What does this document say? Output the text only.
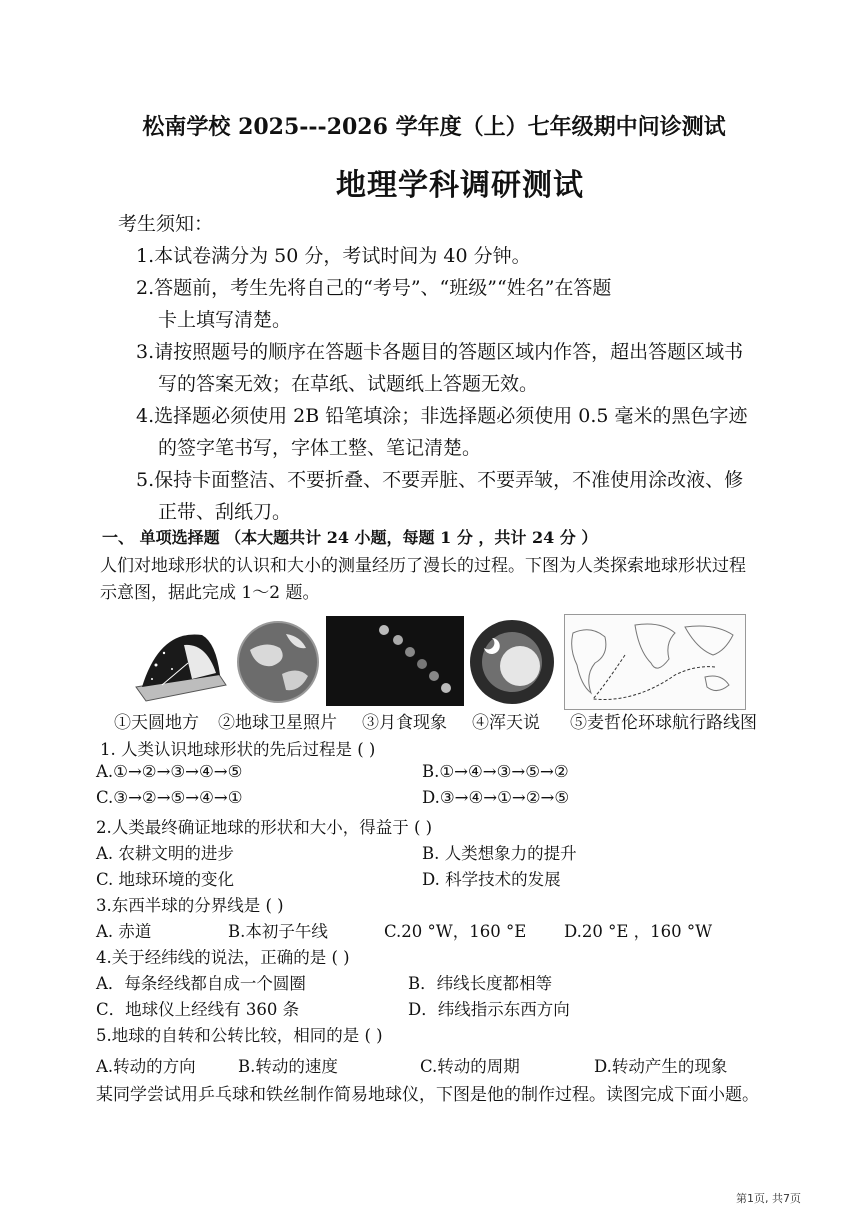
松南学校 2025---2026 学年度（上）七年级期中问诊测试
地理学科调研测试
考生须知：
1.本试卷满分为 50 分，考试时间为 40 分钟。
2.答题前，考生先将自己的“考号”、“班级”“姓名”在答题
卡上填写清楚。
3.请按照题号的顺序在答题卡各题目的答题区域内作答，超出答题区域书
写的答案无效；在草纸、试题纸上答题无效。
4.选择题必须使用 2B 铅笔填涂；非选择题必须使用 0.5 毫米的黑色字迹
的签字笔书写，字体工整、笔记清楚。
5.保持卡面整洁、不要折叠、不要弄脏、不要弄皱，不准使用涂改液、修
正带、刮纸刀。
一、 单项选择题 （本大题共计 24 小题，每题 1 分 ，共计 24 分 ）
人们对地球形状的认识和大小的测量经历了漫长的过程。下图为人类探索地球形状过程
示意图，据此完成 1～2 题。
①天圆地方 ②地球卫星照片 ③月食现象 ④浑天说 ⑤麦哲伦环球航行路线图
1. 人类认识地球形状的先后过程是 ( )
A.①→②→③→④→⑤	B.①→④→③→⑤→②
C.③→②→⑤→④→①	D.③→④→①→②→⑤
2.人类最终确证地球的形状和大小，得益于 ( )
A. 农耕文明的进步	B. 人类想象力的提升
C. 地球环境的变化	D. 科学技术的发展
3.东西半球的分界线是 ( )
A. 赤道	B.本初子午线	C.20 °W，160 °E D.20 °E ，160 °W
4.关于经纬线的说法，正确的是 ( )
A．每条经线都自成一个圆圈	B．纬线长度都相等
C．地球仪上经线有 360 条	D．纬线指示东西方向
5.地球的自转和公转比较，相同的是 ( )
A.转动的方向	B.转动的速度	C.转动的周期	D.转动产生的现象
某同学尝试用乒乓球和铁丝制作简易地球仪，下图是他的制作过程。读图完成下面小题。
第1页, 共7页
